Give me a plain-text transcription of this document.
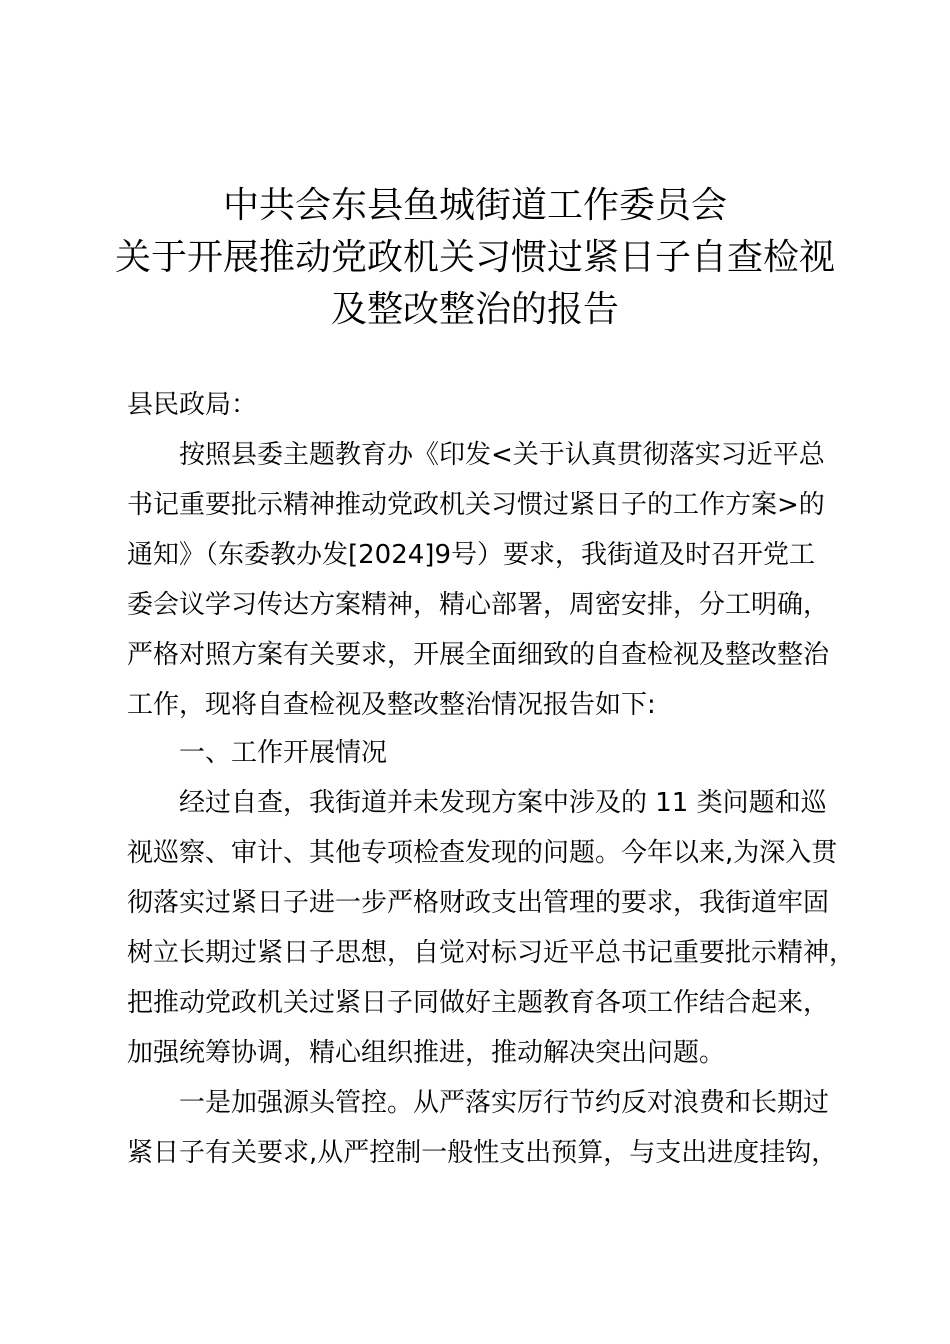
中共会东县鱼城街道工作委员会
关于开展推动党政机关习惯过紧日子自查检视
及整改整治的报告
县民政局：
按照县委主题教育办《印发<关于认真贯彻落实习近平总
书记重要批示精神推动党政机关习惯过紧日子的工作方案>的
通知》（东委教办发[2024]9号）要求，我街道及时召开党工
委会议学习传达方案精神，精心部署，周密安排，分工明确，
严格对照方案有关要求，开展全面细致的自查检视及整改整治
工作，现将自查检视及整改整治情况报告如下:
一、工作开展情况
经过自查，我街道并未发现方案中涉及的 11 类问题和巡
视巡察、审计、其他专项检查发现的问题。今年以来,为深入贯
彻落实过紧日子进一步严格财政支出管理的要求，我街道牢固
树立长期过紧日子思想，自觉对标习近平总书记重要批示精神，
把推动党政机关过紧日子同做好主题教育各项工作结合起来，
加强统筹协调，精心组织推进，推动解决突出问题。
一是加强源头管控。从严落实厉行节约反对浪费和长期过
紧日子有关要求,从严控制一般性支出预算，与支出进度挂钩，
